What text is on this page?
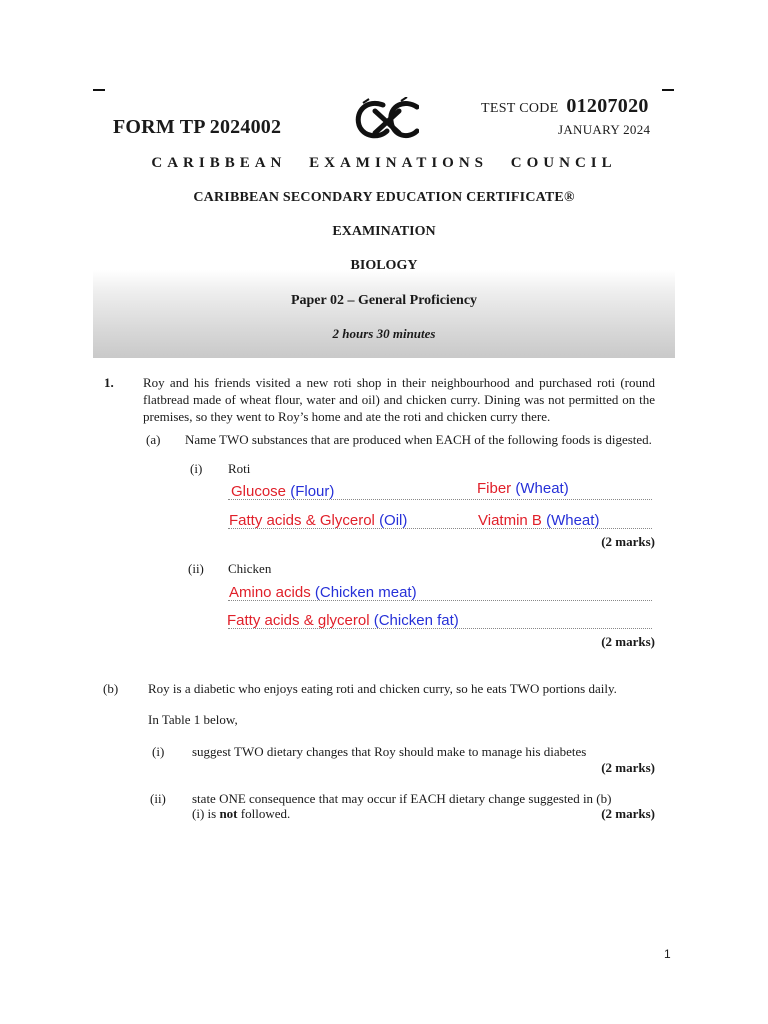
FORM TP 2024002
TEST CODE 01207020
JANUARY 2024
CARIBBEAN EXAMINATIONS COUNCIL
CARIBBEAN SECONDARY EDUCATION CERTIFICATE®
EXAMINATION
BIOLOGY
Paper 02 – General Proficiency
2 hours 30 minutes
1. Roy and his friends visited a new roti shop in their neighbourhood and purchased roti (round flatbread made of wheat flour, water and oil) and chicken curry. Dining was not permitted on the premises, so they went to Roy’s home and ate the roti and chicken curry there.
(a) Name TWO substances that are produced when EACH of the following foods is digested.
(i) Roti
Glucose (Flour)	Fiber (Wheat)
Fatty acids & Glycerol (Oil)	Viatmin B (Wheat)
(2 marks)
(ii) Chicken
Amino acids (Chicken meat)
Fatty acids & glycerol (Chicken fat)
(2 marks)
(b) Roy is a diabetic who enjoys eating roti and chicken curry, so he eats TWO portions daily.
In Table 1 below,
(i) suggest TWO dietary changes that Roy should make to manage his diabetes
(2 marks)
(ii) state ONE consequence that may occur if EACH dietary change suggested in (b)
(i) is not followed.	(2 marks)
1
